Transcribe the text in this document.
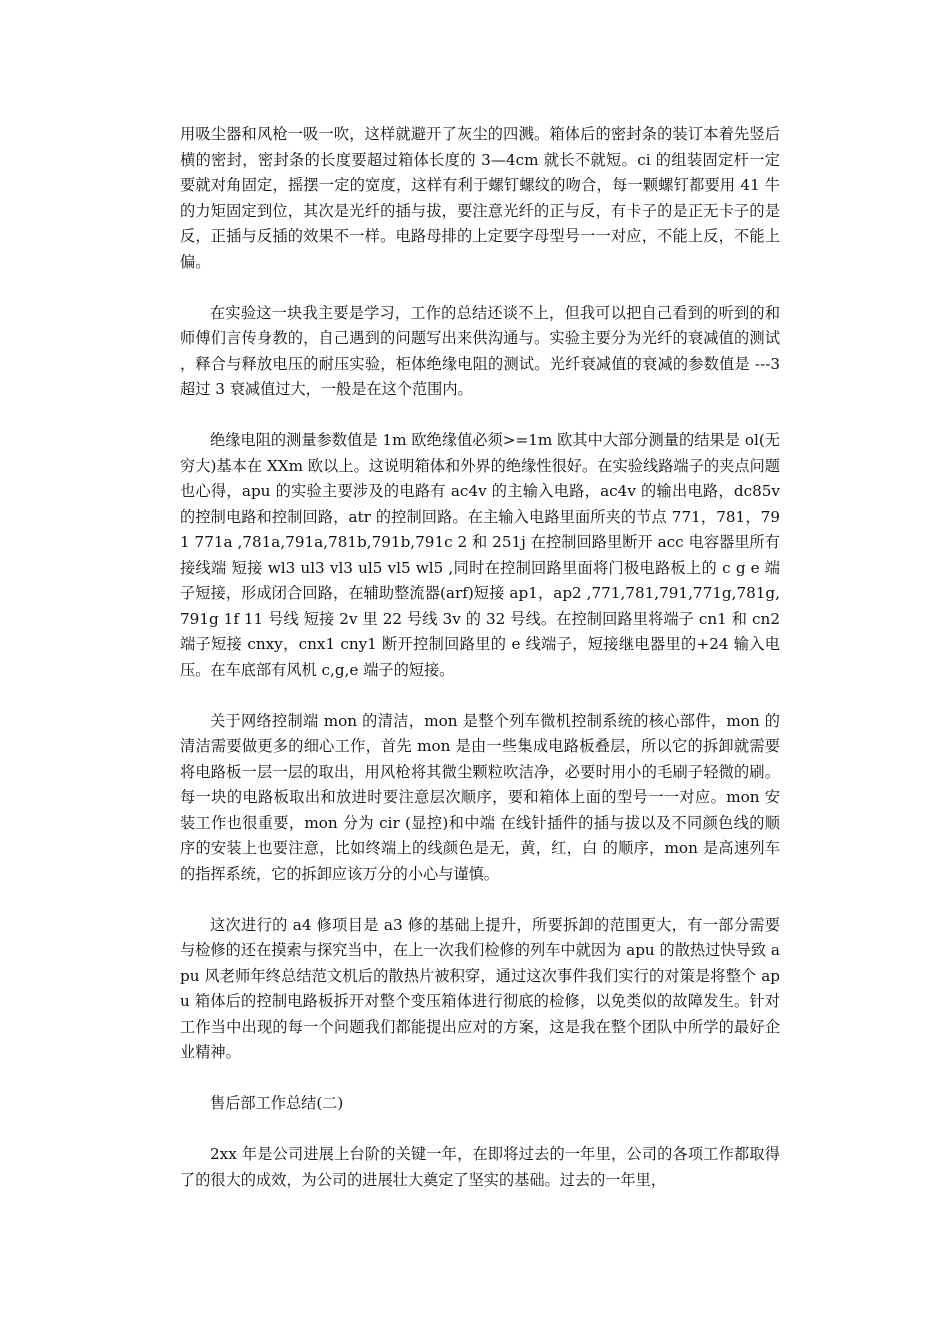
用吸尘器和风枪一吸一吹，这样就避开了灰尘的四溅。箱体后的密封条的装订本着先竖后横的密封，密封条的长度要超过箱体长度的 3—4cm 就长不就短。ci 的组装固定杆一定要就对角固定，摇摆一定的宽度，这样有利于螺钉螺纹的吻合，每一颗螺钉都要用 41 牛的力矩固定到位，其次是光纤的插与拔，要注意光纤的正与反，有卡子的是正无卡子的是反，正插与反插的效果不一样。电路母排的上定要字母型号一一对应，不能上反，不能上偏。

在实验这一块我主要是学习，工作的总结还谈不上，但我可以把自己看到的听到的和师傅们言传身教的，自己遇到的问题写出来供沟通与。实验主要分为光纤的衰减值的测试 ，释合与释放电压的耐压实验，柜体绝缘电阻的测试。光纤衰减值的衰减的参数值是 ---3 超过 3 衰减值过大，一般是在这个范围内。

绝缘电阻的测量参数值是 1m 欧绝缘值必须>=1m 欧其中大部分测量的结果是 ol(无穷大)基本在 XXm 欧以上。这说明箱体和外界的绝缘性很好。在实验线路端子的夹点问题也心得，apu 的实验主要涉及的电路有 ac4v 的主输入电路，ac4v 的输出电路，dc85v 的控制电路和控制回路，atr 的控制回路。在主输入电路里面所夹的节点 771，781，791 771a ,781a,791a,781b,791b,791c 2 和 251j 在控制回路里断开 acc 电容器里所有接线端 短接 wl3 ul3 vl3 ul5 vl5 wl5 ,同时在控制回路里面将门极电路板上的 c g e 端子短接，形成闭合回路，在辅助整流器(arf)短接 ap1，ap2 ,771,781,791,771g,781g,791g 1f 11 号线 短接 2v 里 22 号线 3v 的 32 号线。在控制回路里将端子 cn1 和 cn2 端子短接 cnxy，cnx1 cny1 断开控制回路里的 e 线端子，短接继电器里的+24 输入电压。在车底部有风机 c,g,e 端子的短接。

关于网络控制端 mon 的清洁，mon 是整个列车微机控制系统的核心部件，mon 的清洁需要做更多的细心工作，首先 mon 是由一些集成电路板叠层，所以它的拆卸就需要将电路板一层一层的取出，用风枪将其微尘颗粒吹洁净，必要时用小的毛刷子轻微的刷。每一块的电路板取出和放进时要注意层次顺序，要和箱体上面的型号一一对应。mon 安装工作也很重要，mon 分为 cir (显控)和中端 在线针插件的插与拔以及不同颜色线的顺序的安装上也要注意，比如终端上的线颜色是无，黄，红，白 的顺序，mon 是高速列车的指挥系统，它的拆卸应该万分的小心与谨慎。

这次进行的 a4 修项目是 a3 修的基础上提升，所要拆卸的范围更大，有一部分需要与检修的还在摸索与探究当中，在上一次我们检修的列车中就因为 apu 的散热过快导致 apu 风老师年终总结范文机后的散热片被积穿，通过这次事件我们实行的对策是将整个 apu 箱体后的控制电路板拆开对整个变压箱体进行彻底的检修，以免类似的故障发生。针对工作当中出现的每一个问题我们都能提出应对的方案，这是我在整个团队中所学的最好企业精神。

售后部工作总结(二)

2xx 年是公司进展上台阶的关键一年，在即将过去的一年里，公司的各项工作都取得了的很大的成效，为公司的进展壮大奠定了坚实的基础。过去的一年里，
